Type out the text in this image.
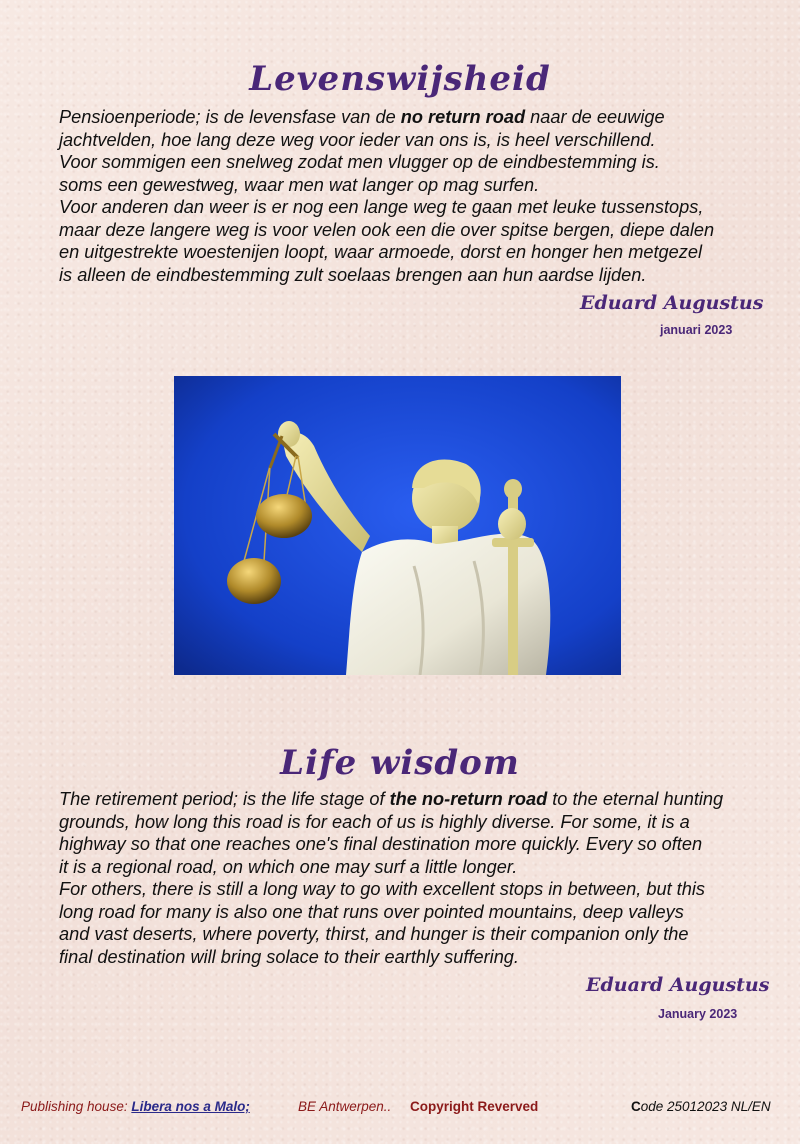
Levenswijsheid

Pensioenperiode; is de levensfase van de no return road naar de eeuwige
jachtvelden, hoe lang deze weg voor ieder van ons is, is heel verschillend.
Voor sommigen een snelweg zodat men vlugger op de eindbestemming is.
soms een gewestweg, waar men wat langer op mag surfen.
Voor anderen dan weer is er nog een lange weg te gaan met leuke tussenstops,
maar deze langere weg is voor velen ook een die over spitse bergen, diepe dalen
en uitgestrekte woestenijen loopt, waar armoede, dorst en honger hen metgezel
is alleen de eindbestemming zult soelaas brengen aan hun aardse lijden.

Eduard Augustus
januari 2023
Life wisdom

The retirement period; is the life stage of the no-return road to the eternal hunting
grounds, how long this road is for each of us is highly diverse. For some, it is a
highway so that one reaches one's final destination more quickly. Every so often
it is a regional road, on which one may surf a little longer.
For others, there is still a long way to go with excellent stops in between, but this
long road for many is also one that runs over pointed mountains, deep valleys
and vast deserts, where poverty, thirst, and hunger is their companion only the
final destination will bring solace to their earthly suffering.

Eduard Augustus
January 2023
Publishing house: Libera nos a Malo;	BE Antwerpen.. Copyright Reverved	Code 25012023 NL/EN
